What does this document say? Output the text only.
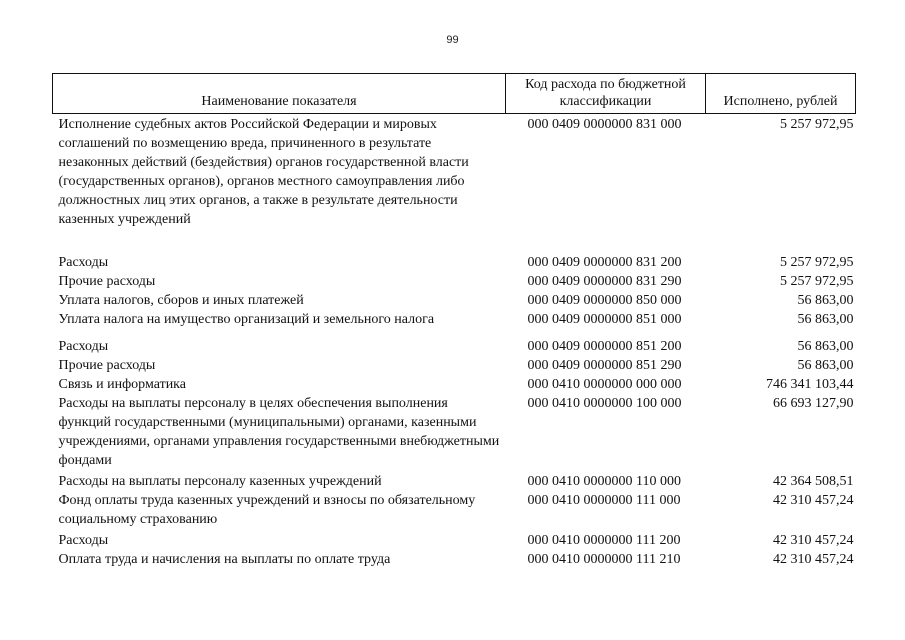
99
Наименование показателя	Код расхода по бюджетной классификации	Исполнено, рублей
Исполнение судебных актов Российской Федерации и мировых соглашений по возмещению вреда, причиненного в результате незаконных действий (бездействия) органов государственной власти (государственных органов), органов местного самоуправления либо должностных лиц этих органов, а также в результате деятельности казенных учреждений	000 0409 0000000 831 000	5 257 972,95
Расходы	000 0409 0000000 831 200	5 257 972,95
Прочие расходы	000 0409 0000000 831 290	5 257 972,95
Уплата налогов, сборов и иных платежей	000 0409 0000000 850 000	56 863,00
Уплата налога на имущество организаций и земельного налога	000 0409 0000000 851 000	56 863,00
Расходы	000 0409 0000000 851 200	56 863,00
Прочие расходы	000 0409 0000000 851 290	56 863,00
Связь и информатика	000 0410 0000000 000 000	746 341 103,44
Расходы на выплаты персоналу в целях обеспечения выполнения функций государственными (муниципальными) органами, казенными учреждениями, органами управления государственными внебюджетными фондами	000 0410 0000000 100 000	66 693 127,90
Расходы на выплаты персоналу казенных учреждений	000 0410 0000000 110 000	42 364 508,51
Фонд оплаты труда казенных учреждений и взносы по обязательному социальному страхованию	000 0410 0000000 111 000	42 310 457,24
Расходы	000 0410 0000000 111 200	42 310 457,24
Оплата труда и начисления на выплаты по оплате труда	000 0410 0000000 111 210	42 310 457,24
